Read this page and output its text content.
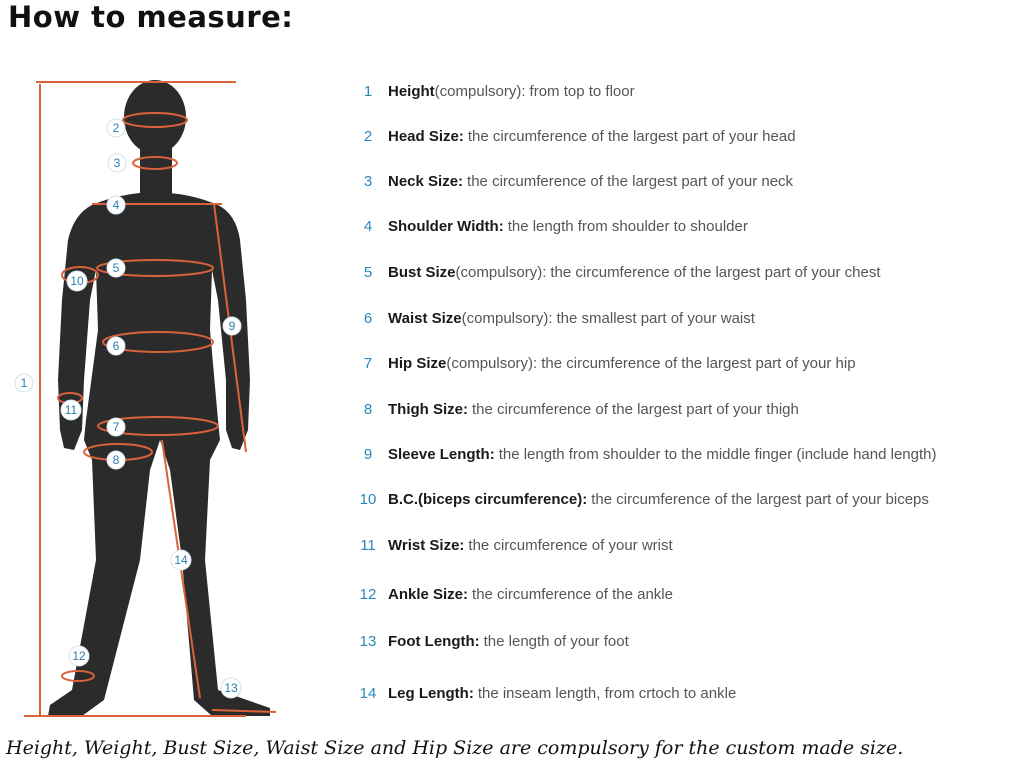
How to measure:
1
2
3
4
5
6
7
8
9
10
11
12
13
14
1	Height (compulsory) : from top to floor
2	Head Size : the circumference of the largest part of your head
3	Neck Size : the circumference of the largest part of your neck
4	Shoulder Width : the length from shoulder to shoulder
5	Bust Size (compulsory) : the circumference of the largest part of your chest
6	Waist Size (compulsory) : the smallest part of your waist
7	Hip Size (compulsory) : the circumference of the largest part of your hip
8	Thigh Size : the circumference of the largest part of your thigh
9	Sleeve Length : the length from shoulder to the middle finger (include hand length)
10 B.C.(biceps circumference) : the circumference of the largest part of your biceps
11 Wrist Size : the circumference of your wrist
12 Ankle Size : the circumference of the ankle
13 Foot Length : the length of your foot
14 Leg Length : the inseam length, from crtoch to ankle
Height, Weight, Bust Size, Waist Size and Hip Size are compulsory for the custom made size.
